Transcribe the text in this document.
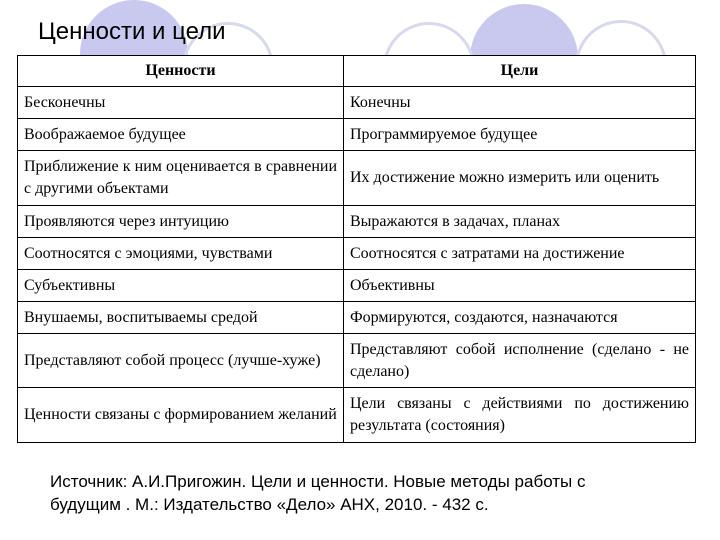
Ценности и цели
Ценности	Цели
Бесконечны	Конечны
Воображаемое будущее	Программируемое будущее
Приближение к ним оценивается в сравнении с другими объектами	Их достижение можно измерить или оценить
Проявляются через интуицию	Выражаются в задачах, планах
Соотносятся с эмоциями, чувствами	Соотносятся с затратами на достижение
Субъективны	Объективны
Внушаемы, воспитываемы средой	Формируются, создаются, назначаются
Представляют собой процесс (лучше-хуже)	Представляют собой исполнение (сделано - не сделано)
Ценности связаны с формированием желаний	Цели связаны с действиями по достижению результата (состояния)
Источник: А.И.Пригожин. Цели и ценности. Новые методы работы с будущим . М.: Издательство «Дело» АНХ, 2010. - 432 с.
